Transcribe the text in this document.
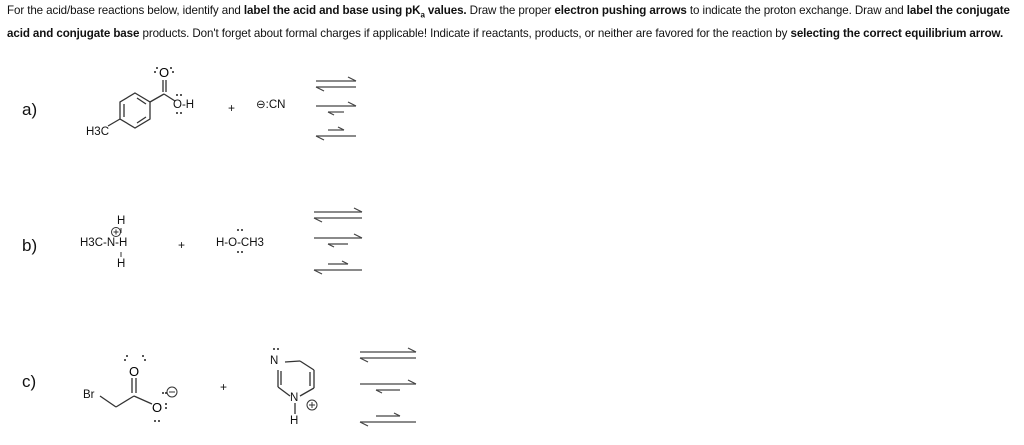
For the acid/base reactions below, identify and label the acid and base using $pK_a$ values. Draw the proper electron pushing arrows to indicate the proton exchange. Draw and label the conjugate acid and conjugate base products. Don't forget about formal charges if applicable! Indicate if reactants, products, or neither are favored for the reaction by selecting the correct equilibrium arrow.
a)
b)
c)
O
O
O
O-H
H3C
+ ⊖:CN
H
H3C-N-H
H
+	H-O-CH3
Br
+
N
N
H
